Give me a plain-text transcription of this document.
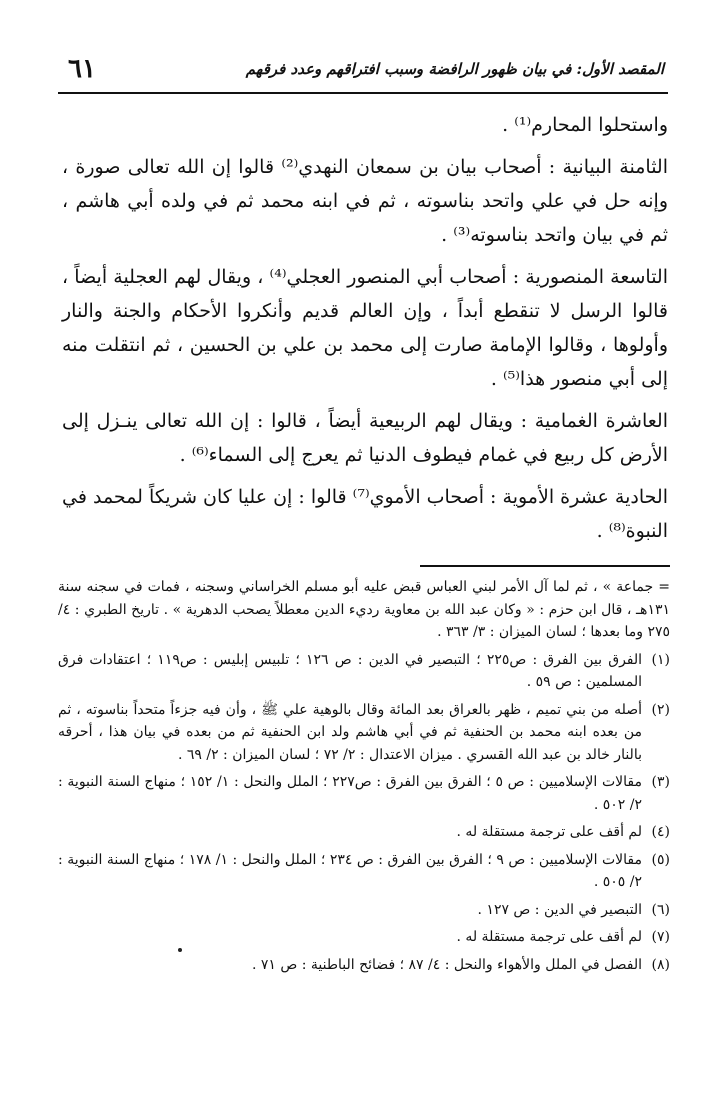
٦١	المقصد الأول: في بيان ظهور الرافضة وسبب افتراقهم وعدد فرقهم

واستحلوا المحارم⁽¹⁾ .

الثامنة البيانية : أصحاب بيان بن سمعان النهدي⁽²⁾ قالوا إن الله تعالى صورة ، وإنه حل في علي واتحد بناسوته ، ثم في ابنه محمد ثم في ولده أبي هاشم ، ثم في بيان واتحد بناسوته⁽³⁾ .

التاسعة المنصورية : أصحاب أبي المنصور العجلي⁽⁴⁾ ، ويقال لهم العجلية أيضاً ، قالوا الرسل لا تنقطع أبداً ، وإن العالم قديم وأنكروا الأحكام والجنة والنار وأولوها ، وقالوا الإمامة صارت إلى محمد بن علي بن الحسين ، ثم انتقلت منه إلى أبي منصور هذا⁽⁵⁾ .

العاشرة الغمامية : ويقال لهم الربيعية أيضاً ، قالوا : إن الله تعالى ينـزل إلى الأرض كل ربيع في غمام فيطوف الدنيا ثم يعرج إلى السماء⁽⁶⁾ .

الحادية عشرة الأموية : أصحاب الأموي⁽⁷⁾ قالوا : إن عليا كان شريكاً لمحمد في النبوة⁽⁸⁾ .

= جماعة » ، ثم لما آل الأمر لبني العباس قبض عليه أبو مسلم الخراساني وسجنه ، فمات في سجنه سنة ١٣١هـ ، قال ابن حزم : « وكان عبد الله بن معاوية رديء الدين معطلاً يصحب الدهرية » . تاريخ الطبري : ٤/ ٢٧٥ وما بعدها ؛ لسان الميزان : ٣/ ٣٦٣ .

(١)
الفرق بين الفرق : ص٢٢٥ ؛ التبصير في الدين : ص ١٢٦ ؛ تلبيس إبليس : ص١١٩ ؛ اعتقادات فرق المسلمين : ص ٥٩ .
(٢)
أصله من بني تميم ، ظهر بالعراق بعد المائة وقال بالوهية علي ﷺ ، وأن فيه جزءاً متحداً بناسوته ، ثم من بعده ابنه محمد بن الحنفية ثم في أبي هاشم ولد ابن الحنفية ثم من بعده في بيان هذا ، أحرقه بالنار خالد بن عبد الله القسري . ميزان الاعتدال : ٢/ ٧٢ ؛ لسان الميزان : ٢/ ٦٩ .
(٣)
مقالات الإسلاميين : ص ٥ ؛ الفرق بين الفرق : ص٢٢٧ ؛ الملل والنحل : ١/ ١٥٢ ؛ منهاج السنة النبوية : ٢/ ٥٠٢ .
(٤)
لم أقف على ترجمة مستقلة له .
(٥)
مقالات الإسلاميين : ص ٩ ؛ الفرق بين الفرق : ص ٢٣٤ ؛ الملل والنحل : ١/ ١٧٨ ؛ منهاج السنة النبوية : ٢/ ٥٠٥ .
(٦)
التبصير في الدين : ص ١٢٧ .
(٧)
لم أقف على ترجمة مستقلة له .
(٨)
الفصل في الملل والأهواء والنحل : ٤/ ٨٧ ؛ فضائح الباطنية : ص ٧١ .
